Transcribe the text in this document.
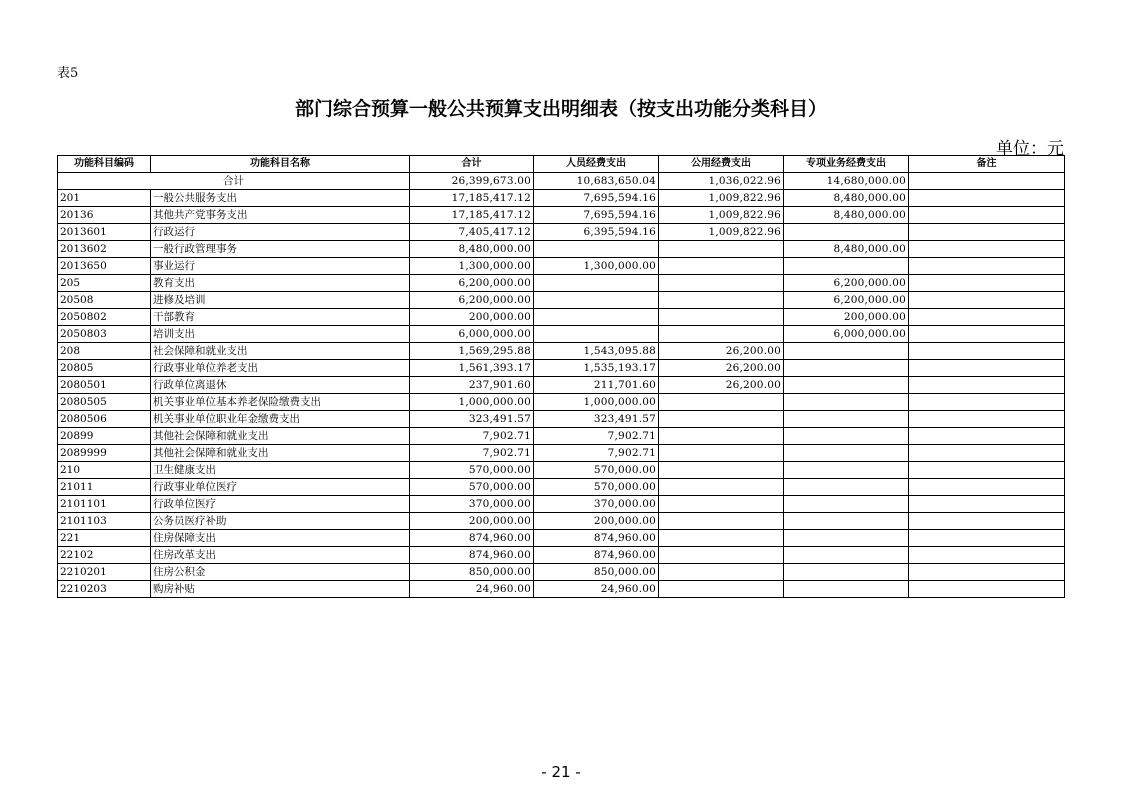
表5
部门综合预算一般公共预算支出明细表（按支出功能分类科目）
单位：元
功能科目编码	功能科目名称	合计	人员经费支出	公用经费支出	专项业务经费支出	备注
合计		26,399,673.00	10,683,650.04	1,036,022.96	14,680,000.00	
201	一般公共服务支出	17,185,417.12	7,695,594.16	1,009,822.96	8,480,000.00	
20136	其他共产党事务支出	17,185,417.12	7,695,594.16	1,009,822.96	8,480,000.00	
2013601	行政运行	7,405,417.12	6,395,594.16	1,009,822.96		
2013602	一般行政管理事务	8,480,000.00			8,480,000.00	
2013650	事业运行	1,300,000.00	1,300,000.00			
205	教育支出	6,200,000.00			6,200,000.00	
20508	进修及培训	6,200,000.00			6,200,000.00	
2050802	干部教育	200,000.00			200,000.00	
2050803	培训支出	6,000,000.00			6,000,000.00	
208	社会保障和就业支出	1,569,295.88	1,543,095.88	26,200.00		
20805	行政事业单位养老支出	1,561,393.17	1,535,193.17	26,200.00		
2080501	行政单位离退休	237,901.60	211,701.60	26,200.00		
2080505	机关事业单位基本养老保险缴费支出	1,000,000.00	1,000,000.00			
2080506	机关事业单位职业年金缴费支出	323,491.57	323,491.57			
20899	其他社会保障和就业支出	7,902.71	7,902.71			
2089999	其他社会保障和就业支出	7,902.71	7,902.71			
210	卫生健康支出	570,000.00	570,000.00			
21011	行政事业单位医疗	570,000.00	570,000.00			
2101101	行政单位医疗	370,000.00	370,000.00			
2101103	公务员医疗补助	200,000.00	200,000.00			
221	住房保障支出	874,960.00	874,960.00			
22102	住房改革支出	874,960.00	874,960.00			
2210201	住房公积金	850,000.00	850,000.00			
2210203	购房补贴	24,960.00	24,960.00			
- 21 -
